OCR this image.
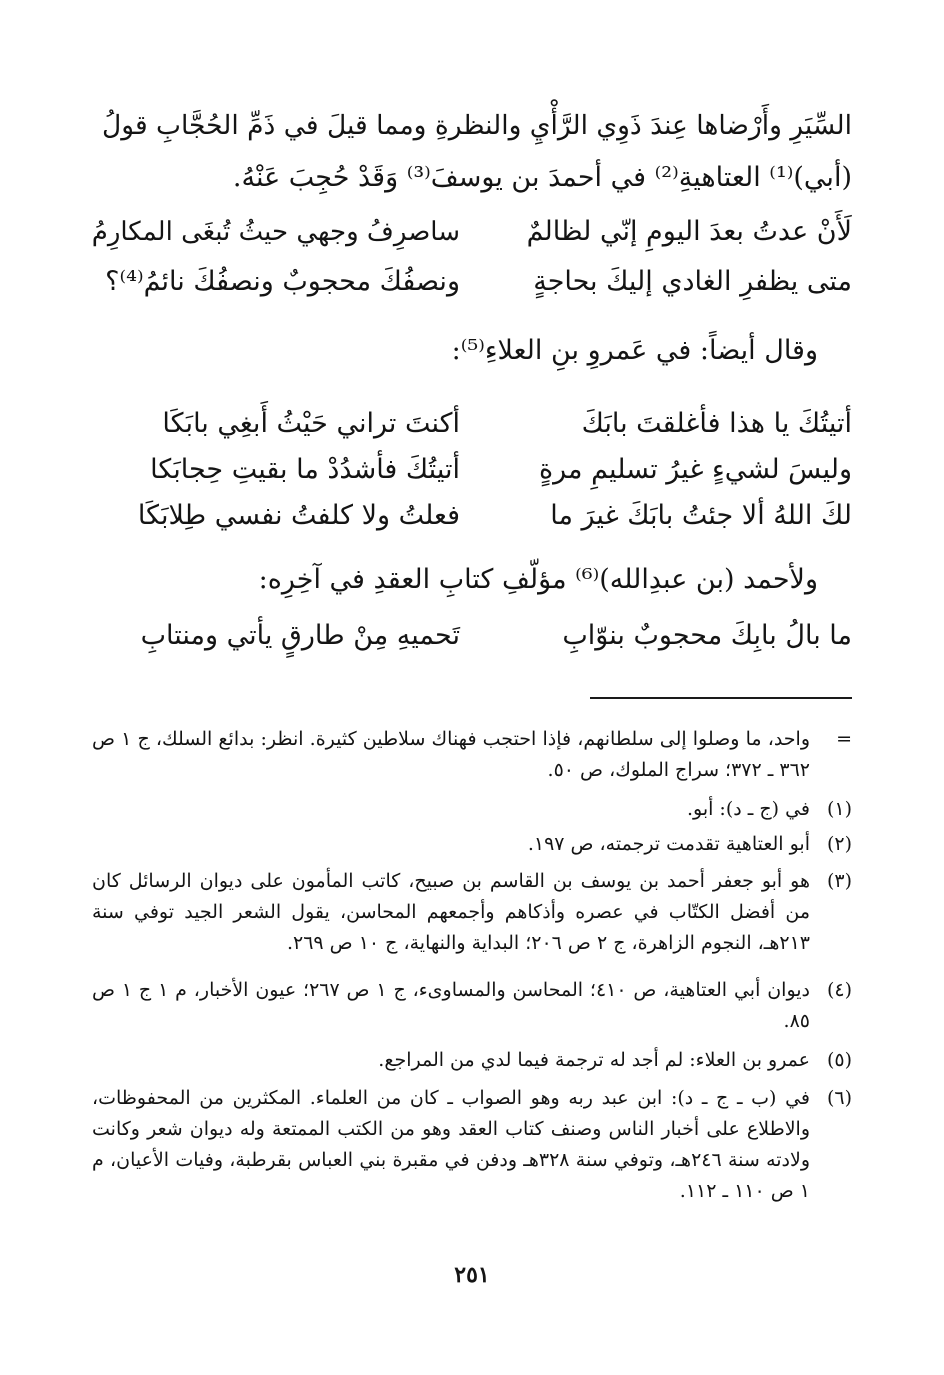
السِّيَرِ وأَرْضاها عِندَ ذَوِي الرَّأْيِ والنظرةِ ومما قيلَ في ذَمِّ الحُجَّابِ قولُ
(أبي)⁽¹⁾ العتاهيةِ⁽²⁾ في أحمدَ بن يوسفَ⁽³⁾ وَقَدْ حُجِبَ عَنْهُ.
لَأَنْ عدتُ بعدَ اليومِ إنّي لظالمٌ
ساصرِفُ وجهي حيثُ تُبغَى المكارِمُ
متى يظفرِ الغادي إليكَ بحاجةٍ
ونصفُكَ محجوبٌ ونصفُكَ نائمُ⁽⁴⁾؟
وقال أيضاً: في عَمروِ بنِ العلاءِ⁽⁵⁾:
أتيتُكَ يا هذا فأغلقتَ بابَكَ
أكنتَ تراني حَيْثُ أَبغِي بابَكَا
وليسَ لشيءٍ غيرُ تسليمِ مرةٍ
أتيتُكَ فأشدُدْ ما بقيتِ حِجابَكا
لكَ اللهُ ألا جئتُ بابَكَ غيرَ ما
فعلتُ ولا كلفتُ نفسي طِلابَكَا
ولأحمد (بن عبدِالله)⁽⁶⁾ مؤلّفِ كتابِ العقدِ في آخِرِه:
ما بالُ بابِكَ محجوبٌ بنوّابِ
تَحميهِ مِنْ طارقٍ يأتي ومنتابِ
=
واحد، ما وصلوا إلى سلطانهم، فإذا احتجب فهناك سلاطين كثيرة. انظر: بدائع السلك، ج ١ ص ٣٦٢ ـ ٣٧٢؛ سراج الملوك، ص ٥٠.
(١)
في (ج ـ د): أبو.
(٢)
أبو العتاهية تقدمت ترجمته، ص ١٩٧.
(٣)
هو أبو جعفر أحمد بن يوسف بن القاسم بن صبيح، كاتب المأمون على ديوان الرسائل كان من أفضل الكتّاب في عصره وأذكاهم وأجمعهم المحاسن، يقول الشعر الجيد توفي سنة ٢١٣هـ، النجوم الزاهرة، ج ٢ ص ٢٠٦؛ البداية والنهاية، ج ١٠ ص ٢٦٩.
(٤)
ديوان أبي العتاهية، ص ٤١٠؛ المحاسن والمساوىء، ج ١ ص ٢٦٧؛ عيون الأخبار، م ١ ج ١ ص ٨٥.
(٥)
عمرو بن العلاء: لم أجد له ترجمة فيما لدي من المراجع.
(٦)
في (ب ـ ج ـ د): ابن عبد ربه وهو الصواب ـ كان من العلماء. المكثرين من المحفوظات، والاطلاع على أخبار الناس وصنف كتاب العقد وهو من الكتب الممتعة وله ديوان شعر وكانت ولادته سنة ٢٤٦هـ، وتوفي سنة ٣٢٨هـ ودفن في مقبرة بني العباس بقرطبة، وفيات الأعيان، م ١ ص ١١٠ ـ ١١٢.
٢٥١
